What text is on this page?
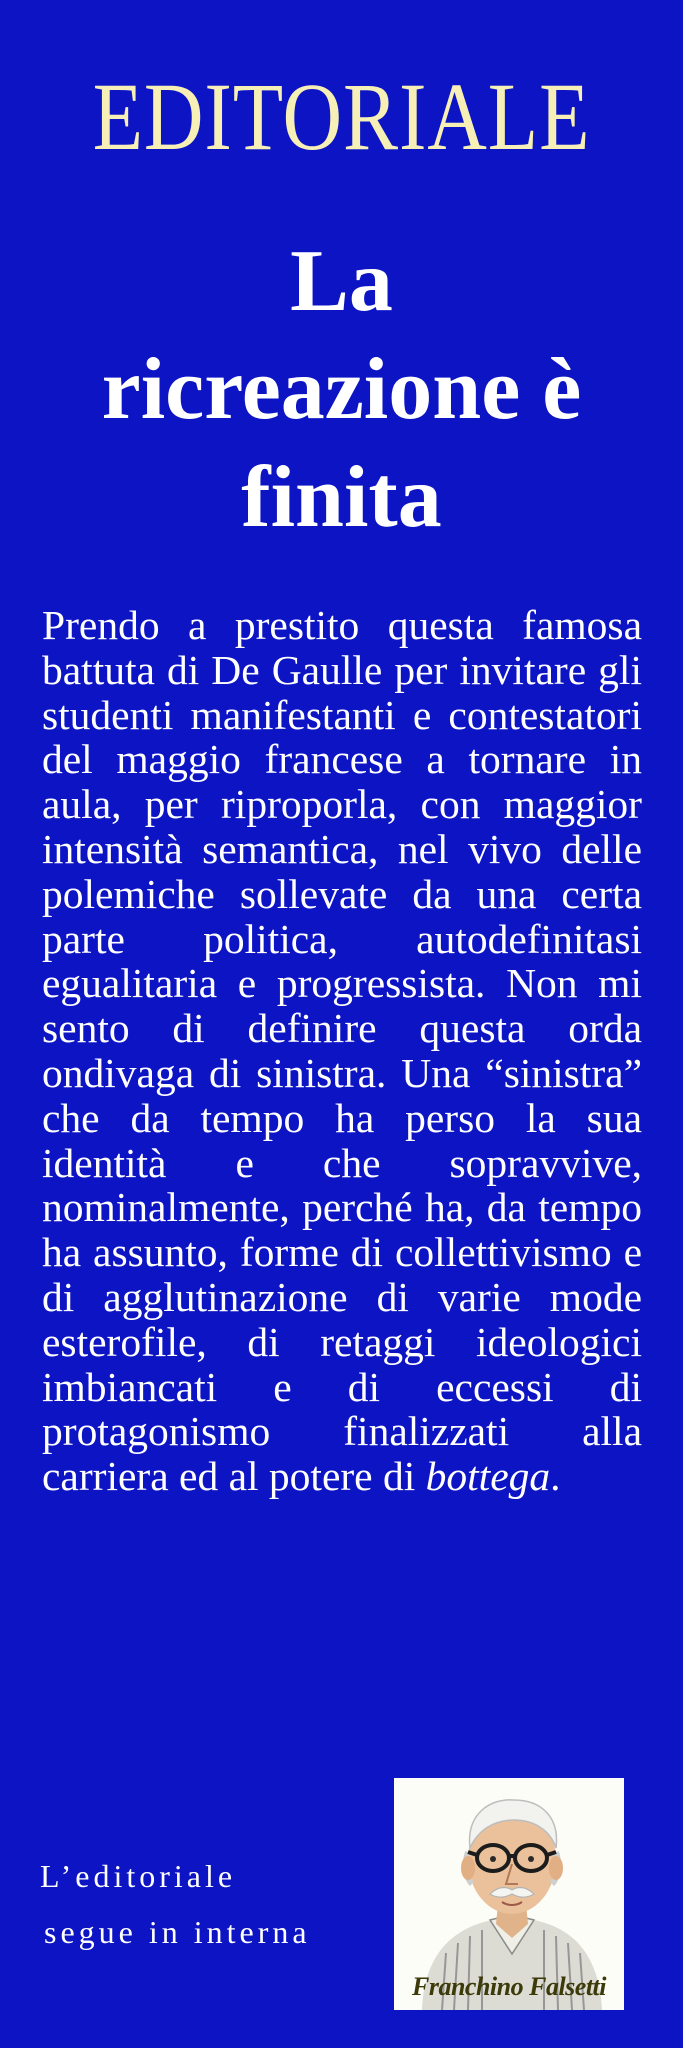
EDITORIALE
La
ricreazione è
finita

Prendo a prestito questa famosa battuta di De Gaulle per invitare gli studenti manifestanti e contestatori del maggio francese a tornare in aula, per riproporla, con maggior intensità semantica, nel vivo delle polemiche sollevate da una certa parte politica, autodefinitasi egualitaria e progressista. Non mi sento di definire questa orda ondivaga di sinistra. Una “sinistra” che da tempo ha perso la sua identità e che sopravvive, nominalmente, perché ha, da tempo ha assunto, forme di collettivismo e di agglutinazione di varie mode esterofile, di retaggi ideologici imbiancati e di eccessi di protagonismo finalizzati alla carriera ed al potere di bottega.

L’editoriale
segue in interna
Franchino Falsetti
